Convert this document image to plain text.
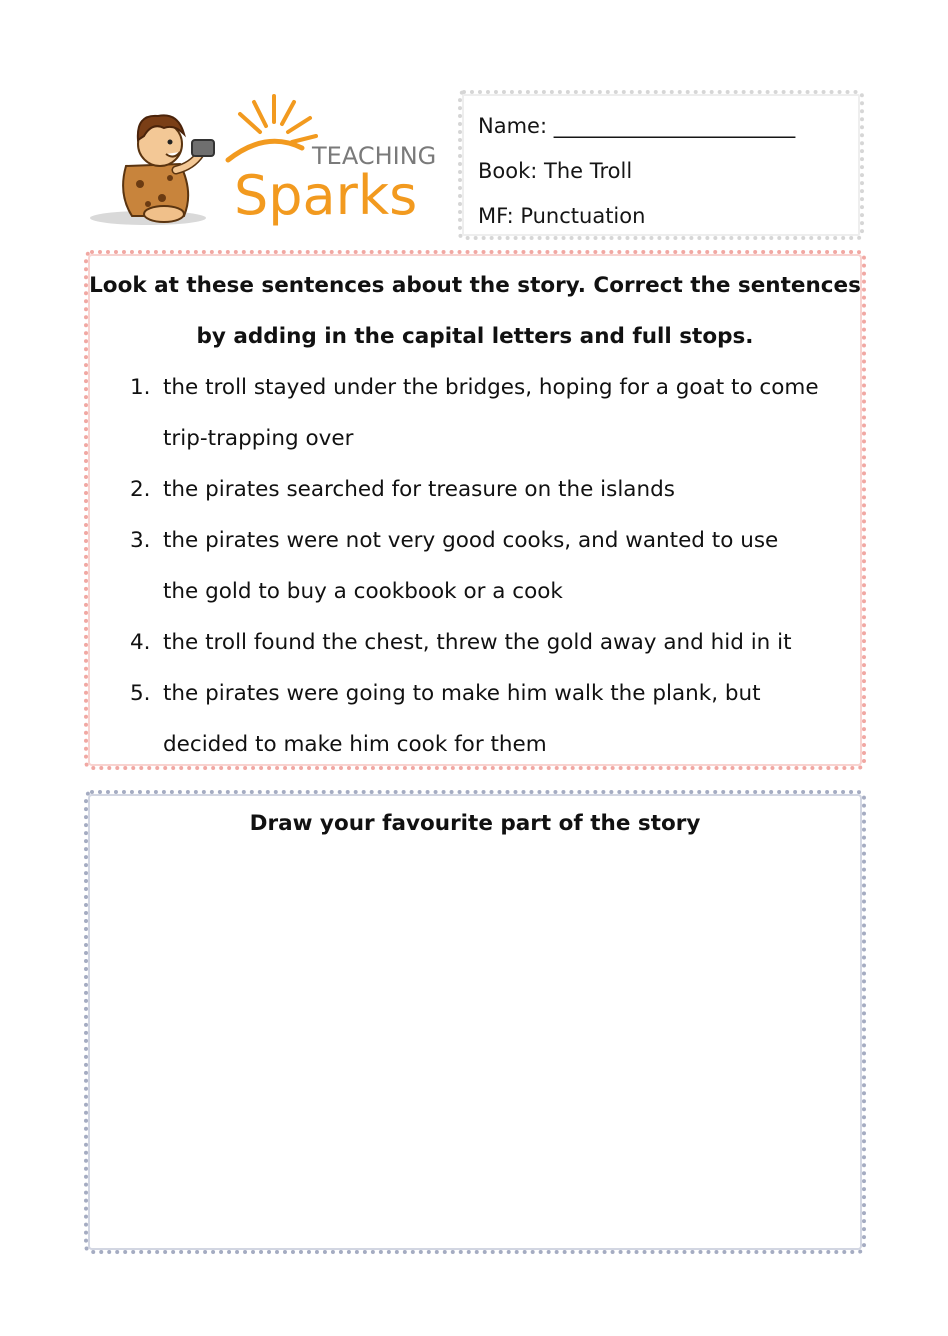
TEACHING
Sparks
Name: _______________________
Book: The Troll
MF: Punctuation
Look at these sentences about the story. Correct the sentences
by adding in the capital letters and full stops.
1. the troll stayed under the bridges, hoping for a goat to come
trip-trapping over
2. the pirates searched for treasure on the islands
3. the pirates were not very good cooks, and wanted to use
the gold to buy a cookbook or a cook
4. the troll found the chest, threw the gold away and hid in it
5. the pirates were going to make him walk the plank, but
decided to make him cook for them
Draw your favourite part of the story
